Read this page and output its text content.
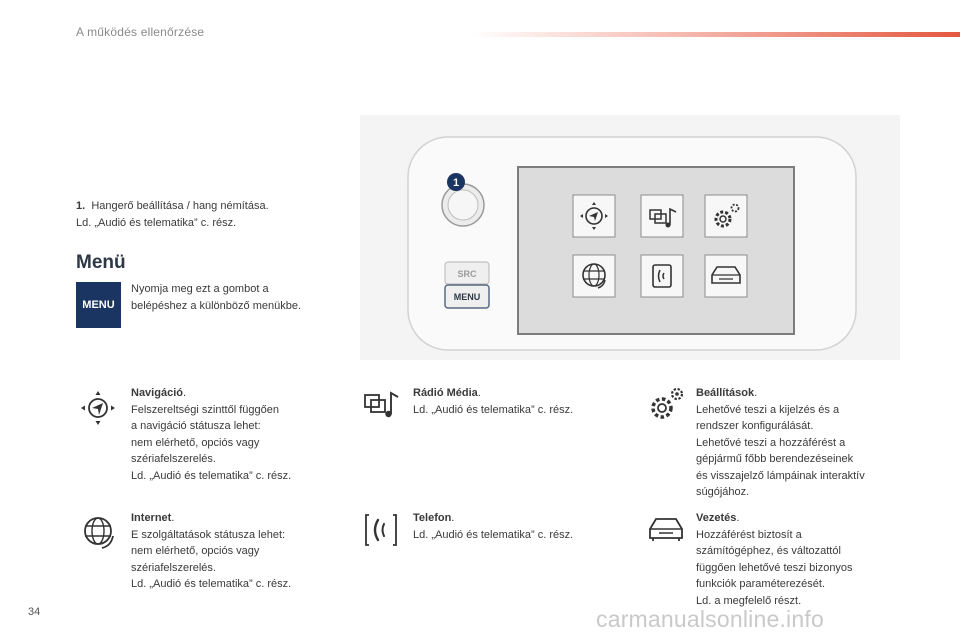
A működés ellenőrzése
1. Hangerő beállítása / hang némítása.
Ld. „Audió és telematika” c. rész.
Menü
MENU
Nyomja meg ezt a gombot a
belépéshez a különböző menükbe.
1
SRC
MENU
Navigáció.
Felszereltségi szinttől függően
a navigáció státusza lehet:
nem elérhető, opciós vagy
szériafelszerelés.
Ld. „Audió és telematika” c. rész.
Internet.
E szolgáltatások státusza lehet:
nem elérhető, opciós vagy
szériafelszerelés.
Ld. „Audió és telematika” c. rész.
Rádió Média.
Ld. „Audió és telematika” c. rész.
Telefon.
Ld. „Audió és telematika” c. rész.
Beállítások.
Lehetővé teszi a kijelzés és a
rendszer konfigurálását.
Lehetővé teszi a hozzáférést a
gépjármű főbb berendezéseinek
és visszajelző lámpáinak interaktív
súgójához.
Vezetés.
Hozzáférést biztosít a
számítógéphez, és változattól
függően lehetővé teszi bizonyos
funkciók paraméterezését.
Ld. a megfelelő részt.
34	carmanualsonline.info
